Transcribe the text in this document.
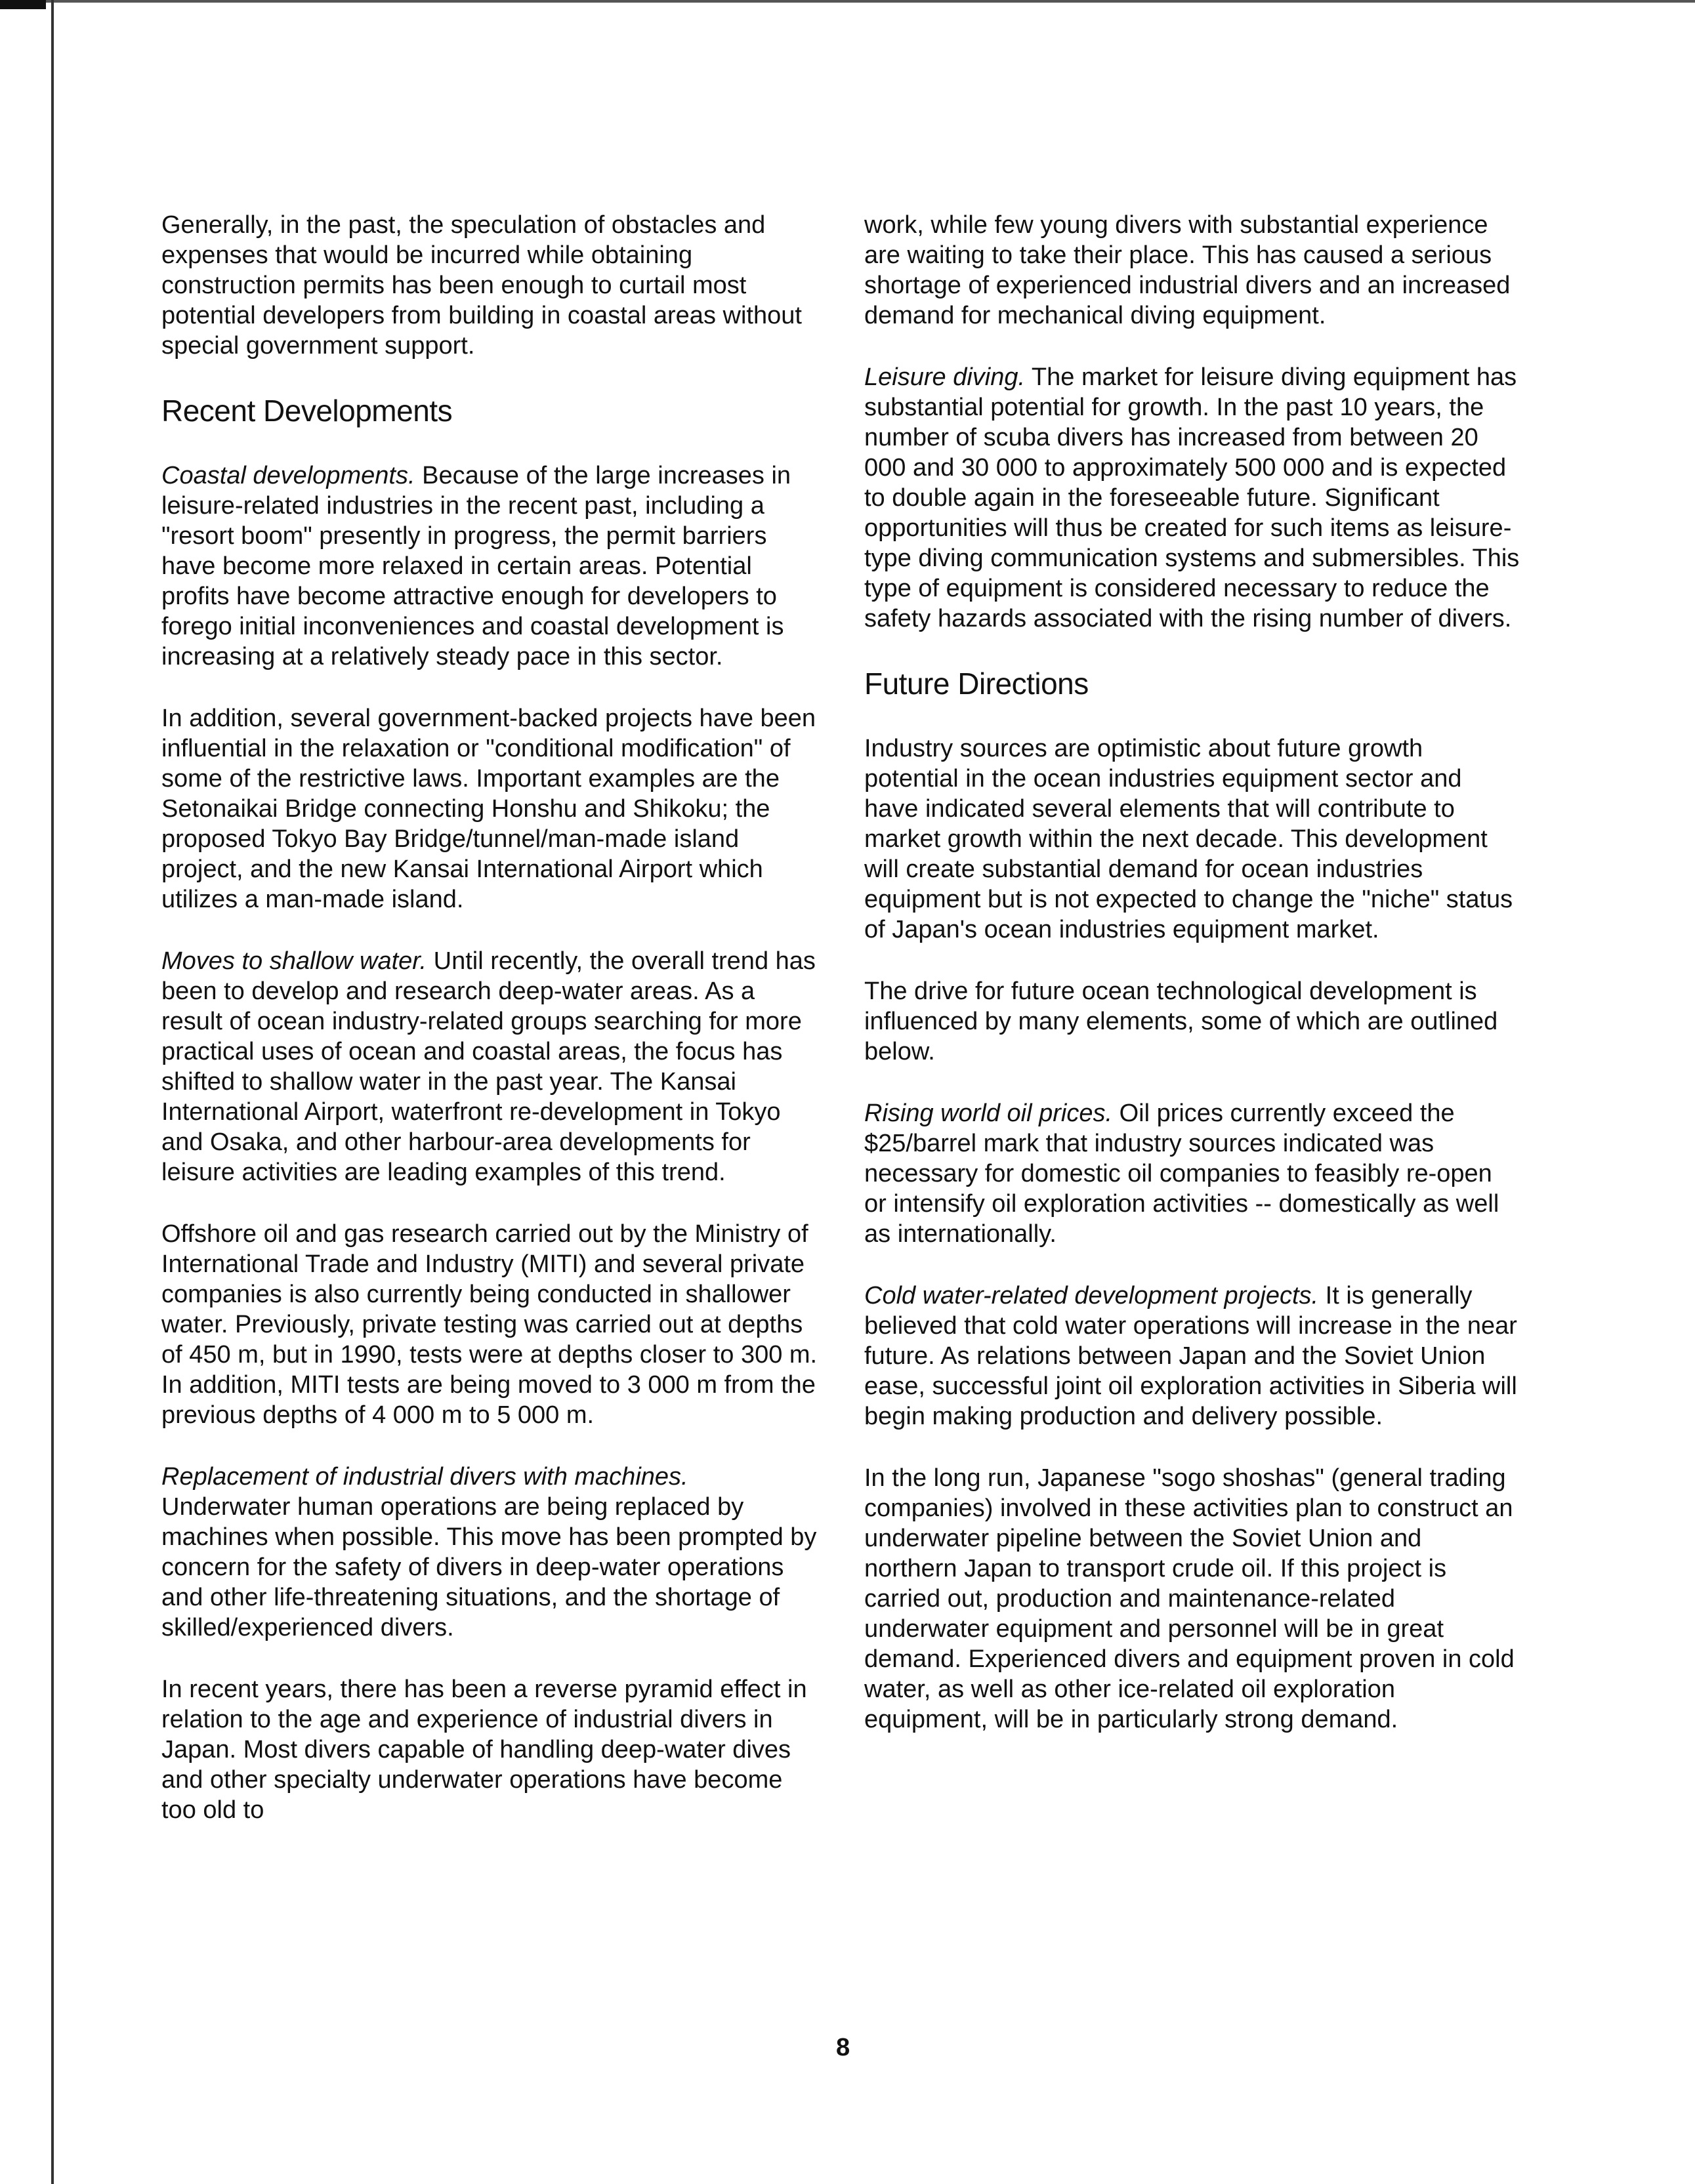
Generally, in the past, the speculation of obstacles and expenses that would be incurred while obtaining construction permits has been enough to curtail most potential developers from building in coastal areas without special government support.

Recent Developments

Coastal developments. Because of the large increases in leisure-related industries in the recent past, including a "resort boom" presently in progress, the permit barriers have become more relaxed in certain areas. Potential profits have become attractive enough for developers to forego initial inconveniences and coastal development is increasing at a relatively steady pace in this sector.

In addition, several government-backed projects have been influential in the relaxation or "conditional modification" of some of the restrictive laws. Important examples are the Setonaikai Bridge connecting Honshu and Shikoku; the proposed Tokyo Bay Bridge/tunnel/man-made island project, and the new Kansai International Airport which utilizes a man-made island.

Moves to shallow water. Until recently, the overall trend has been to develop and research deep-water areas. As a result of ocean industry-related groups searching for more practical uses of ocean and coastal areas, the focus has shifted to shallow water in the past year. The Kansai International Airport, waterfront re-development in Tokyo and Osaka, and other harbour-area developments for leisure activities are leading examples of this trend.

Offshore oil and gas research carried out by the Ministry of International Trade and Industry (MITI) and several private companies is also currently being conducted in shallower water. Previously, private testing was carried out at depths of 450 m, but in 1990, tests were at depths closer to 300 m. In addition, MITI tests are being moved to 3 000 m from the previous depths of 4 000 m to 5 000 m.

Replacement of industrial divers with machines. Underwater human operations are being replaced by machines when possible. This move has been prompted by concern for the safety of divers in deep-water operations and other life-threatening situations, and the shortage of skilled/experienced divers.

In recent years, there has been a reverse pyramid effect in relation to the age and experience of industrial divers in Japan. Most divers capable of handling deep-water dives and other specialty underwater operations have become too old to

work, while few young divers with substantial experience are waiting to take their place. This has caused a serious shortage of experienced industrial divers and an increased demand for mechanical diving equipment.

Leisure diving. The market for leisure diving equipment has substantial potential for growth. In the past 10 years, the number of scuba divers has increased from between 20 000 and 30 000 to approximately 500 000 and is expected to double again in the foreseeable future. Significant opportunities will thus be created for such items as leisure-type diving communication systems and submersibles. This type of equipment is considered necessary to reduce the safety hazards associated with the rising number of divers.

Future Directions

Industry sources are optimistic about future growth potential in the ocean industries equipment sector and have indicated several elements that will contribute to market growth within the next decade. This development will create substantial demand for ocean industries equipment but is not expected to change the "niche" status of Japan's ocean industries equipment market.

The drive for future ocean technological development is influenced by many elements, some of which are outlined below.

Rising world oil prices. Oil prices currently exceed the $25/barrel mark that industry sources indicated was necessary for domestic oil companies to feasibly re-open or intensify oil exploration activities -- domestically as well as internationally.

Cold water-related development projects. It is generally believed that cold water operations will increase in the near future. As relations between Japan and the Soviet Union ease, successful joint oil exploration activities in Siberia will begin making production and delivery possible.

In the long run, Japanese "sogo shoshas" (general trading companies) involved in these activities plan to construct an underwater pipeline between the Soviet Union and northern Japan to transport crude oil. If this project is carried out, production and maintenance-related underwater equipment and personnel will be in great demand. Experienced divers and equipment proven in cold water, as well as other ice-related oil exploration equipment, will be in particularly strong demand.

8
